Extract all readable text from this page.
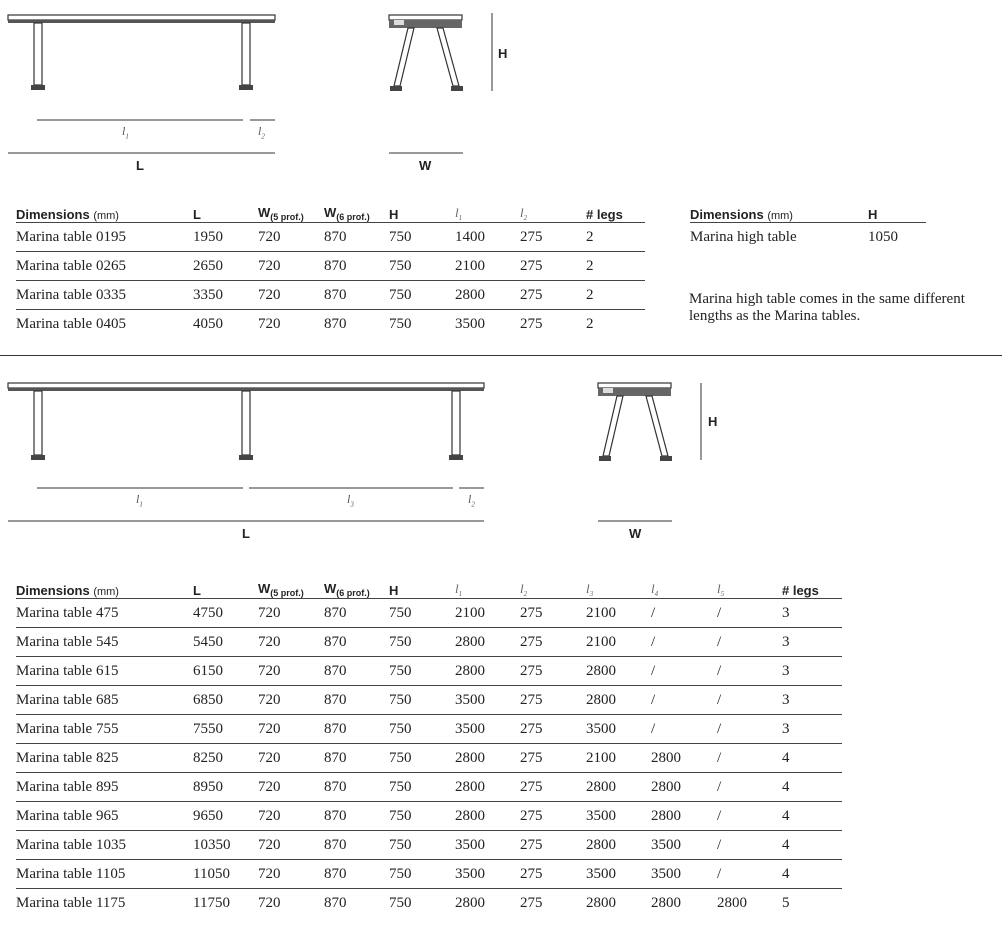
$l_1$	$l_2$
L
H
W
Dimensions (mm)	L	$W_{(5 prof.)}$	$W_{(6 prof.)}$	H	$l_1$	$l_2$	# legs
Marina table 0195	1950	720	870	750	1400	275	2
Marina table 0265	2650	720	870	750	2100	275	2
Marina table 0335	3350	720	870	750	2800	275	2
Marina table 0405	4050	720	870	750	3500	275	2
Dimensions (mm)	H
Marina high table	1050
Marina high table comes in the same different lengths as the Marina tables.
$l_1$	$l_3$	$l_2$
L
H
W
Dimensions (mm)	L	$W_{(5 prof.)}$	$W_{(6 prof.)}$	H	$l_1$	$l_2$	$l_3$	$l_4$	$l_5$	# legs
Marina table 475	4750	720	870	750	2100	275	2100	/	/	3
Marina table 545	5450	720	870	750	2800	275	2100	/	/	3
Marina table 615	6150	720	870	750	2800	275	2800	/	/	3
Marina table 685	6850	720	870	750	3500	275	2800	/	/	3
Marina table 755	7550	720	870	750	3500	275	3500	/	/	3
Marina table 825	8250	720	870	750	2800	275	2100	2800	/	4
Marina table 895	8950	720	870	750	2800	275	2800	2800	/	4
Marina table 965	9650	720	870	750	2800	275	3500	2800	/	4
Marina table 1035	10350	720	870	750	3500	275	2800	3500	/	4
Marina table 1105	11050	720	870	750	3500	275	3500	3500	/	4
Marina table 1175	11750	720	870	750	2800	275	2800	2800	2800	5
